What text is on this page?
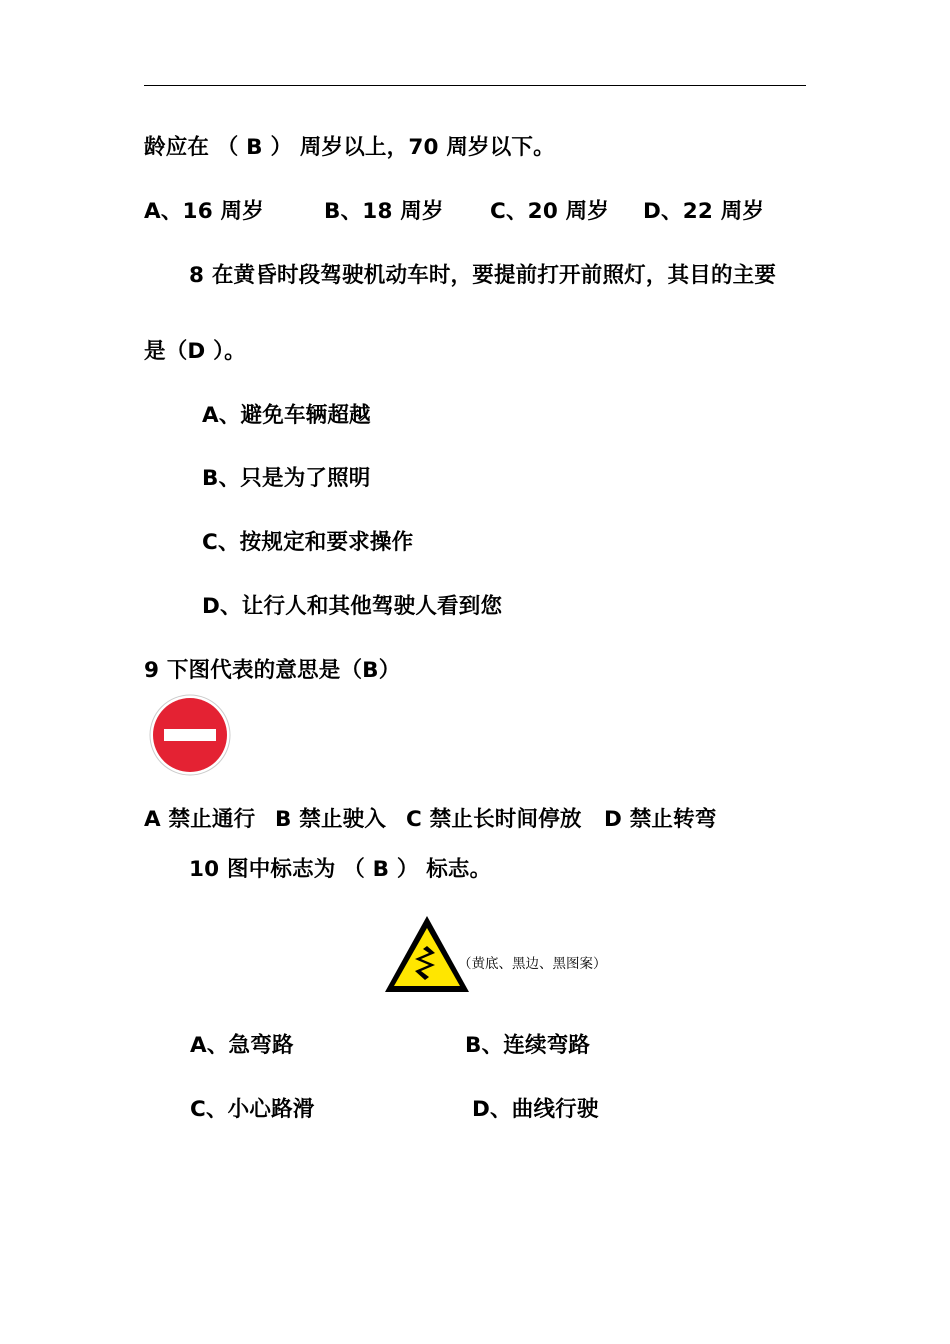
龄应在 （ B ） 周岁以上，70 周岁以下。
A、16 周岁	B、18 周岁 C、20 周岁 D、22 周岁
8 在黄昏时段驾驶机动车时，要提前打开前照灯，其目的主要
是（D ）。
A、避免车辆超越
B、只是为了照明
C、按规定和要求操作
D、让行人和其他驾驶人看到您
9 下图代表的意思是（B）
A 禁止通行 B 禁止驶入 C 禁止长时间停放 D 禁止转弯
10 图中标志为 （ B ） 标志。
（黄底、黑边、黑图案）
A、急弯路	B、连续弯路
C、小心路滑	D、曲线行驶
